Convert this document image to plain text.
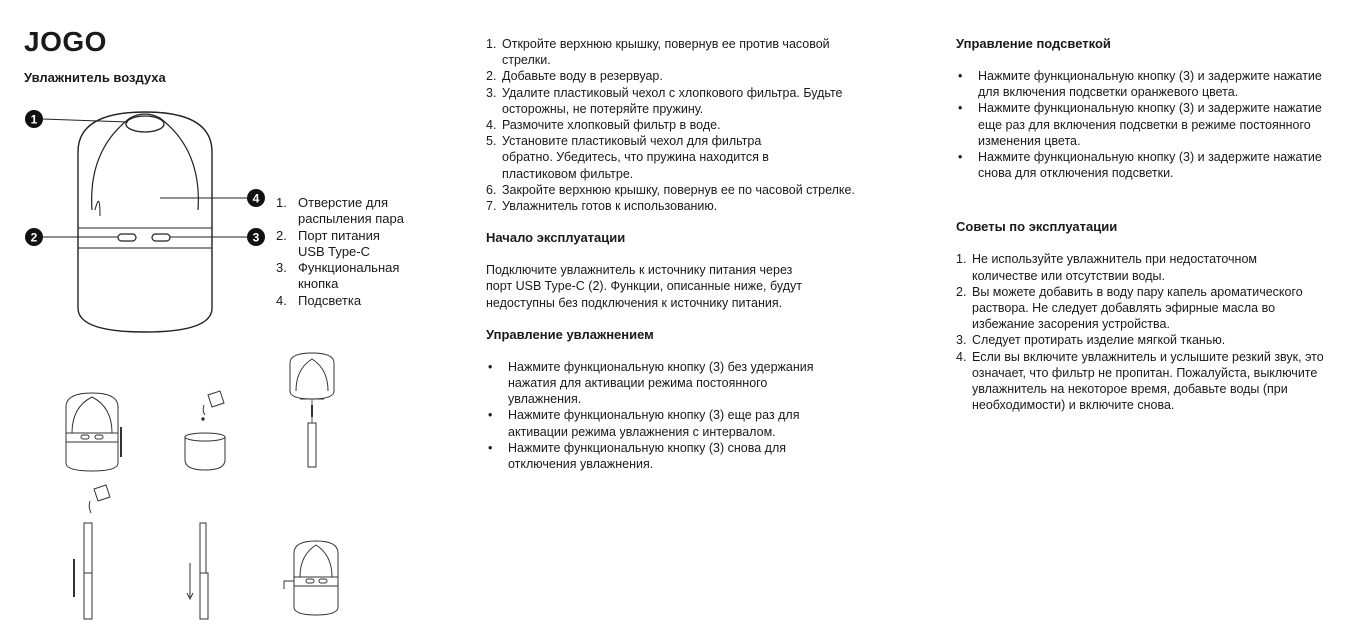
JOGO
Увлажнитель воздуха
1
2	3
4 1. Отверстие для распыления пара
2. Порт питания USB Type-C
3. Функциональная кнопка
4. Подсветка
1. Откройте верхнюю крышку, повернув ее против часовой стрелки.
2. Добавьте воду в резервуар.
3. Удалите пластиковый чехол с хлопкового фильтра. Будьте осторожны, не потеряйте пружину.
4. Размочите хлопковый фильтр в воде.
5. Установите пластиковый чехол для фильтра обратно. Убедитесь, что пружина находится в пластиковом фильтре.
6. Закройте верхнюю крышку, повернув ее по часовой стрелке.
7. Увлажнитель готов к использованию.
Начало эксплуатации

Подключите увлажнитель к источнику питания через порт USB Type-C (2). Функции, описанные ниже, будут недоступны без подключения к источнику питания.

Управление увлажнением
• Нажмите функциональную кнопку (3) без удержания нажатия для активации режима постоянного увлажнения.
• Нажмите функциональную кнопку (3) еще раз для активации режима увлажнения с интервалом.
• Нажмите функциональную кнопку (3) снова для отключения увлажнения.
Управление подсветкой
• Нажмите функциональную кнопку (3) и задержите нажатие для включения подсветки оранжевого цвета.
• Нажмите функциональную кнопку (3) и задержите нажатие еще раз для включения подсветки в режиме постоянного изменения цвета.
• Нажмите функциональную кнопку (3) и задержите нажатие снова для отключения подсветки.
Советы по эксплуатации
1. Не используйте увлажнитель при недостаточном количестве или отсутствии воды.
2. Вы можете добавить в воду пару капель ароматического раствора. Не следует добавлять эфирные масла во избежание засорения устройства.
3. Следует протирать изделие мягкой тканью.
4. Если вы включите увлажнитель и услышите резкий звук, это означает, что фильтр не пропитан. Пожалуйста, выключите увлажнитель на некоторое время, добавьте воды (при необходимости) и включите снова.
